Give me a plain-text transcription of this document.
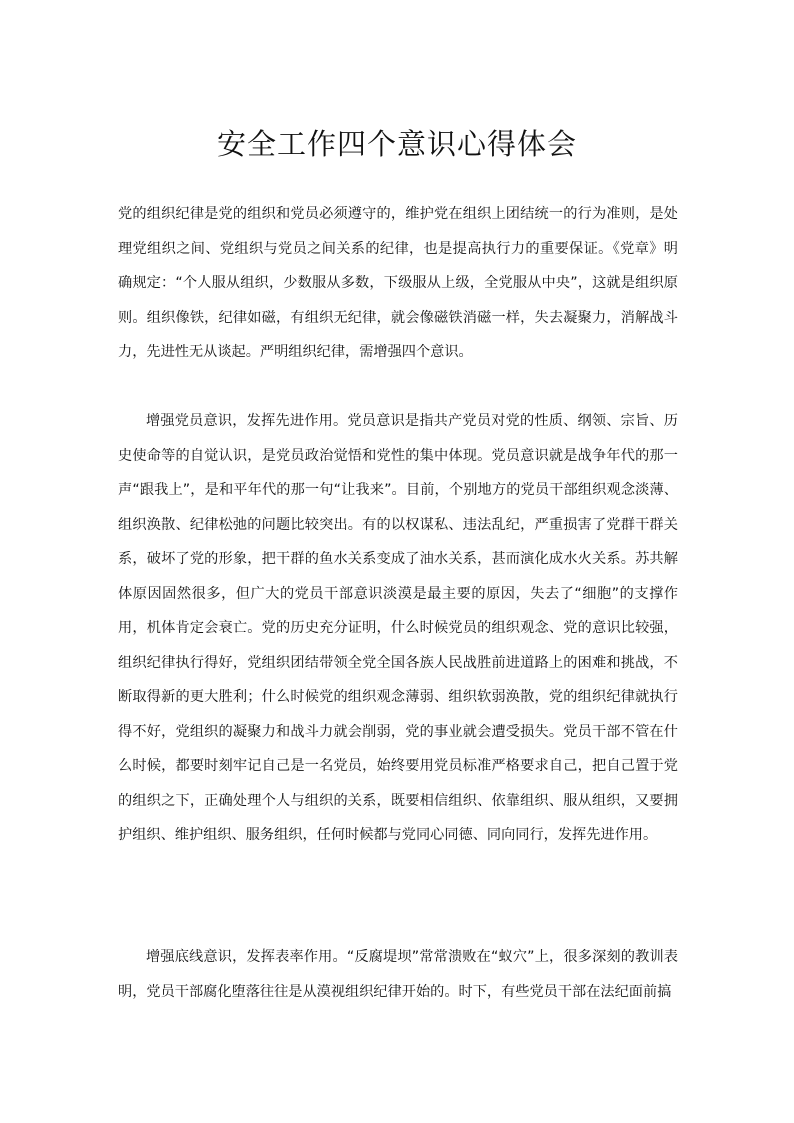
安全工作四个意识心得体会

党的组织纪律是党的组织和党员必须遵守的，维护党在组织上团结统一的行为准则，是处理党组织之间、党组织与党员之间关系的纪律，也是提高执行力的重要保证。《党章》明确规定：“个人服从组织，少数服从多数，下级服从上级，全党服从中央”，这就是组织原则。组织像铁，纪律如磁，有组织无纪律，就会像磁铁消磁一样，失去凝聚力，消解战斗力，先进性无从谈起。严明组织纪律，需增强四个意识。

增强党员意识，发挥先进作用。党员意识是指共产党员对党的性质、纲领、宗旨、历史使命等的自觉认识，是党员政治觉悟和党性的集中体现。党员意识就是战争年代的那一声“跟我上”，是和平年代的那一句“让我来”。目前，个别地方的党员干部组织观念淡薄、组织涣散、纪律松弛的问题比较突出。有的以权谋私、违法乱纪，严重损害了党群干群关系，破坏了党的形象，把干群的鱼水关系变成了油水关系，甚而演化成水火关系。苏共解体原因固然很多，但广大的党员干部意识淡漠是最主要的原因，失去了“细胞”的支撑作用，机体肯定会衰亡。党的历史充分证明，什么时候党员的组织观念、党的意识比较强，组织纪律执行得好，党组织团结带领全党全国各族人民战胜前进道路上的困难和挑战，不断取得新的更大胜利；什么时候党的组织观念薄弱、组织软弱涣散，党的组织纪律就执行得不好，党组织的凝聚力和战斗力就会削弱，党的事业就会遭受损失。党员干部不管在什么时候，都要时刻牢记自己是一名党员，始终要用党员标准严格要求自己，把自己置于党的组织之下，正确处理个人与组织的关系，既要相信组织、依靠组织、服从组织，又要拥护组织、维护组织、服务组织，任何时候都与党同心同德、同向同行，发挥先进作用。

增强底线意识，发挥表率作用。“反腐堤坝”常常溃败在“蚁穴”上，很多深刻的教训表明，党员干部腐化堕落往往是从漠视组织纪律开始的。时下，有些党员干部在法纪面前搞
